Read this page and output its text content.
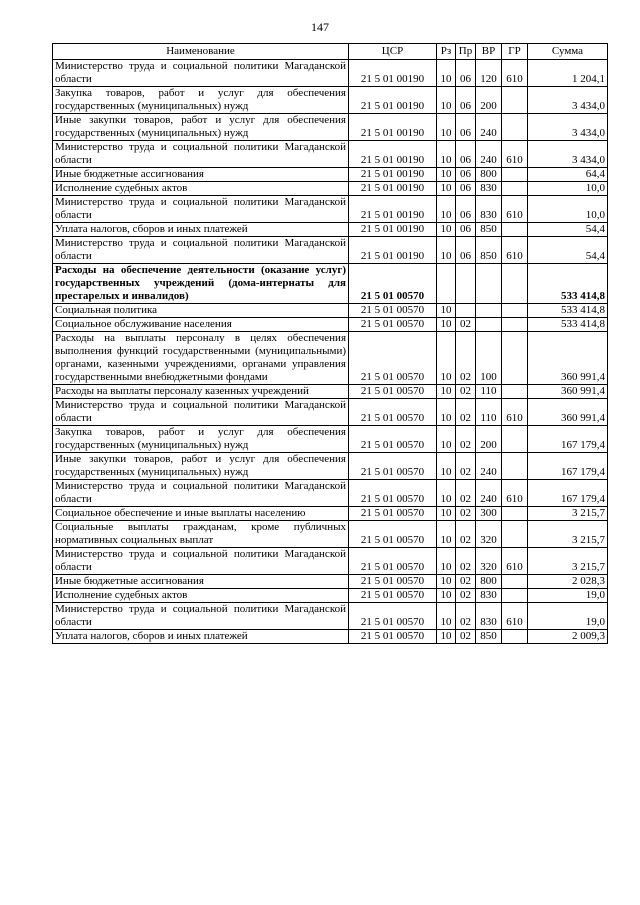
147
Наименование	ЦСР	Рз	Пр	ВР	ГР	Сумма
Министерство труда и социальной политики Магаданской области	21 5 01 00190	10	06	120	610	1 204,1
Закупка товаров, работ и услуг для обеспечения государственных (муниципальных) нужд	21 5 01 00190	10	06	200		3 434,0
Иные закупки товаров, работ и услуг для обеспечения государственных (муниципальных) нужд	21 5 01 00190	10	06	240		3 434,0
Министерство труда и социальной политики Магаданской области	21 5 01 00190	10	06	240	610	3 434,0
Иные бюджетные ассигнования	21 5 01 00190	10	06	800		64,4
Исполнение судебных актов	21 5 01 00190	10	06	830		10,0
Министерство труда и социальной политики Магаданской области	21 5 01 00190	10	06	830	610	10,0
Уплата налогов, сборов и иных платежей	21 5 01 00190	10	06	850		54,4
Министерство труда и социальной политики Магаданской области	21 5 01 00190	10	06	850	610	54,4
Расходы на обеспечение деятельности (оказание услуг) государственных учреждений (дома-интернаты для престарелых и инвалидов)	21 5 01 00570					533 414,8
Социальная политика	21 5 01 00570	10				533 414,8
Социальное обслуживание населения	21 5 01 00570	10	02			533 414,8
Расходы на выплаты персоналу в целях обеспечения выполнения функций государственными (муниципальными) органами, казенными учреждениями, органами управления государственными внебюджетными фондами	21 5 01 00570	10	02	100		360 991,4
Расходы на выплаты персоналу казенных учреждений	21 5 01 00570	10	02	110		360 991,4
Министерство труда и социальной политики Магаданской области	21 5 01 00570	10	02	110	610	360 991,4
Закупка товаров, работ и услуг для обеспечения государственных (муниципальных) нужд	21 5 01 00570	10	02	200		167 179,4
Иные закупки товаров, работ и услуг для обеспечения государственных (муниципальных) нужд	21 5 01 00570	10	02	240		167 179,4
Министерство труда и социальной политики Магаданской области	21 5 01 00570	10	02	240	610	167 179,4
Социальное обеспечение и иные выплаты населению	21 5 01 00570	10	02	300		3 215,7
Социальные выплаты гражданам, кроме публичных нормативных социальных выплат	21 5 01 00570	10	02	320		3 215,7
Министерство труда и социальной политики Магаданской области	21 5 01 00570	10	02	320	610	3 215,7
Иные бюджетные ассигнования	21 5 01 00570	10	02	800		2 028,3
Исполнение судебных актов	21 5 01 00570	10	02	830		19,0
Министерство труда и социальной политики Магаданской области	21 5 01 00570	10	02	830	610	19,0
Уплата налогов, сборов и иных платежей	21 5 01 00570	10	02	850		2 009,3
